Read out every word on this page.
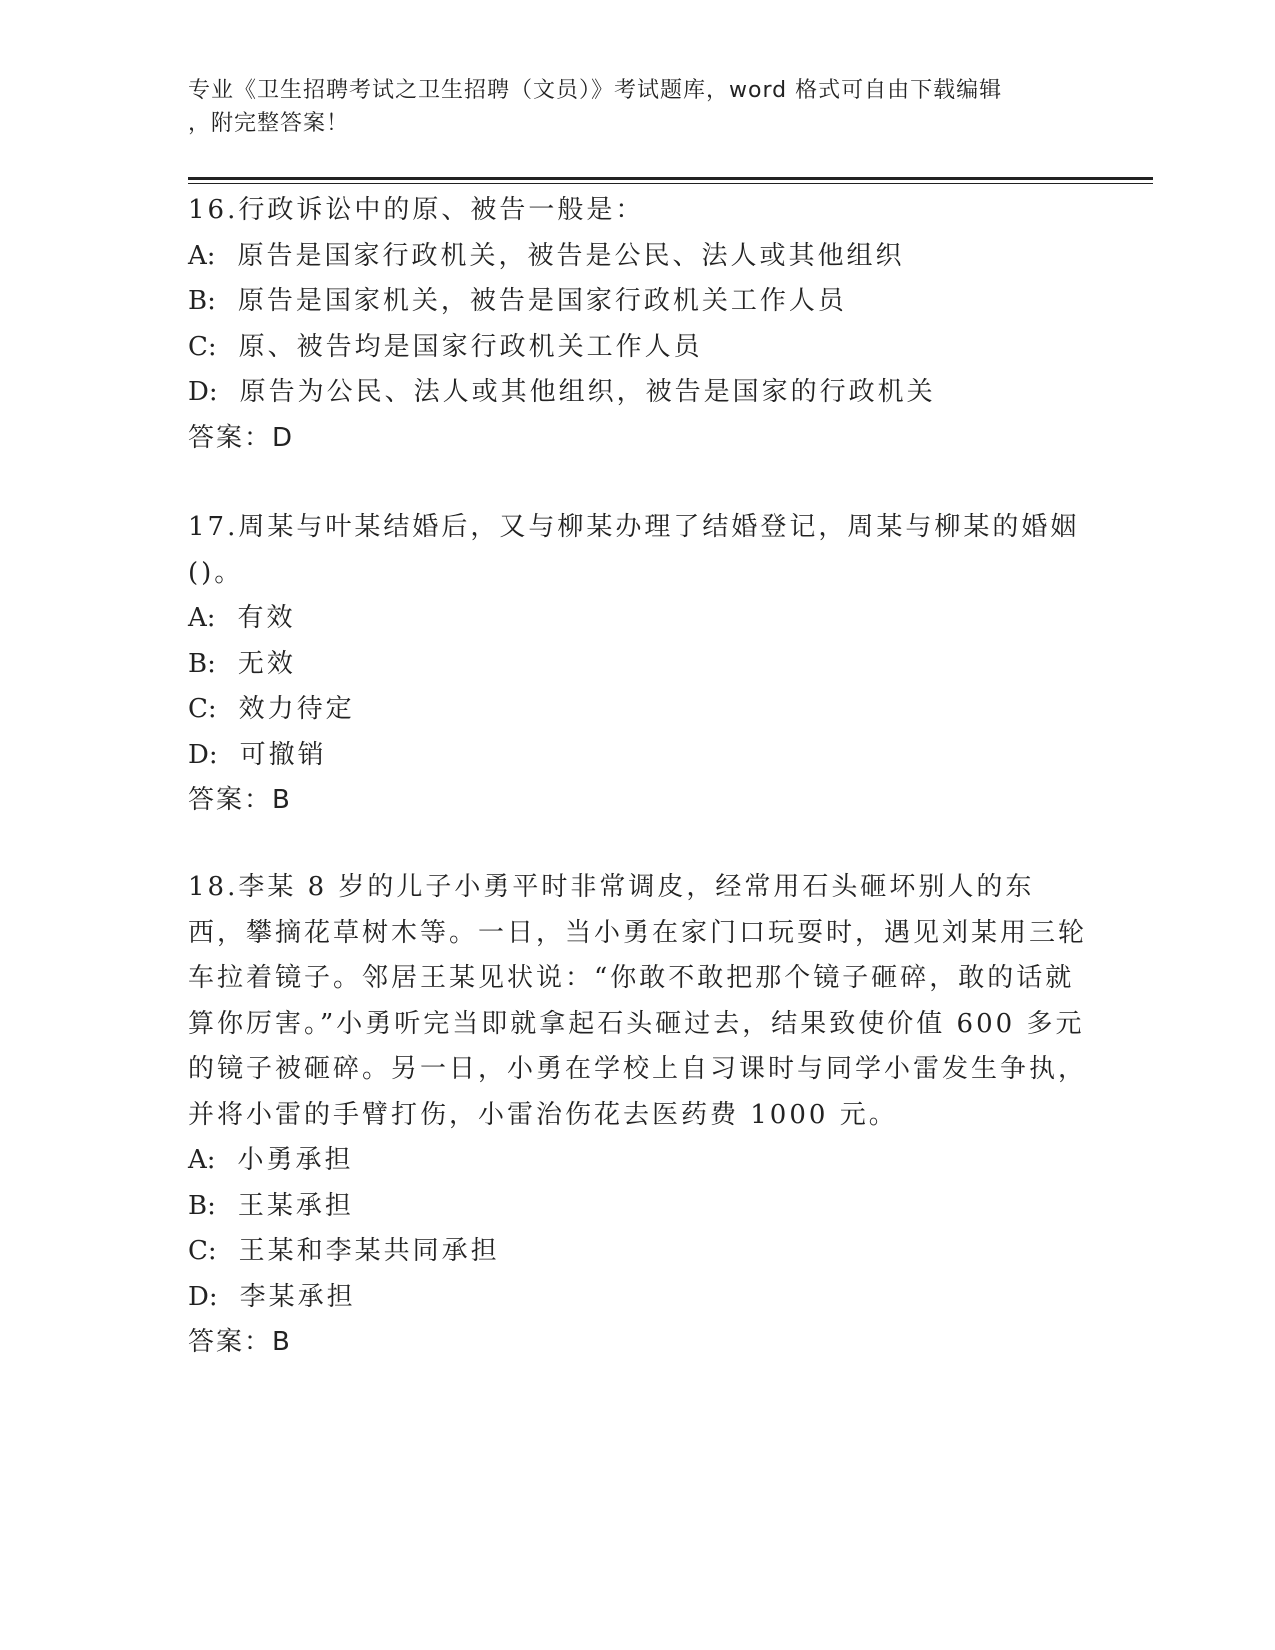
专业《卫生招聘考试之卫生招聘（文员）》考试题库，word 格式可自由下载编辑
，附完整答案！

16.行政诉讼中的原、被告一般是：

A: 原告是国家行政机关，被告是公民、法人或其他组织

B: 原告是国家机关，被告是国家行政机关工作人员

C: 原、被告均是国家行政机关工作人员

D: 原告为公民、法人或其他组织，被告是国家的行政机关

答案：D

17.周某与叶某结婚后，又与柳某办理了结婚登记，周某与柳某的婚姻()。

A: 有效

B: 无效

C: 效力待定

D: 可撤销

答案：B

18.李某 8 岁的儿子小勇平时非常调皮，经常用石头砸坏别人的东西，攀摘花草树木等。一日，当小勇在家门口玩耍时，遇见刘某用三轮车拉着镜子。邻居王某见状说：“你敢不敢把那个镜子砸碎，敢的话就算你厉害。”小勇听完当即就拿起石头砸过去，结果致使价值 600 多元的镜子被砸碎。另一日，小勇在学校上自习课时与同学小雷发生争执，并将小雷的手臂打伤，小雷治伤花去医药费 1000 元。

A: 小勇承担

B: 王某承担

C: 王某和李某共同承担

D: 李某承担

答案：B
